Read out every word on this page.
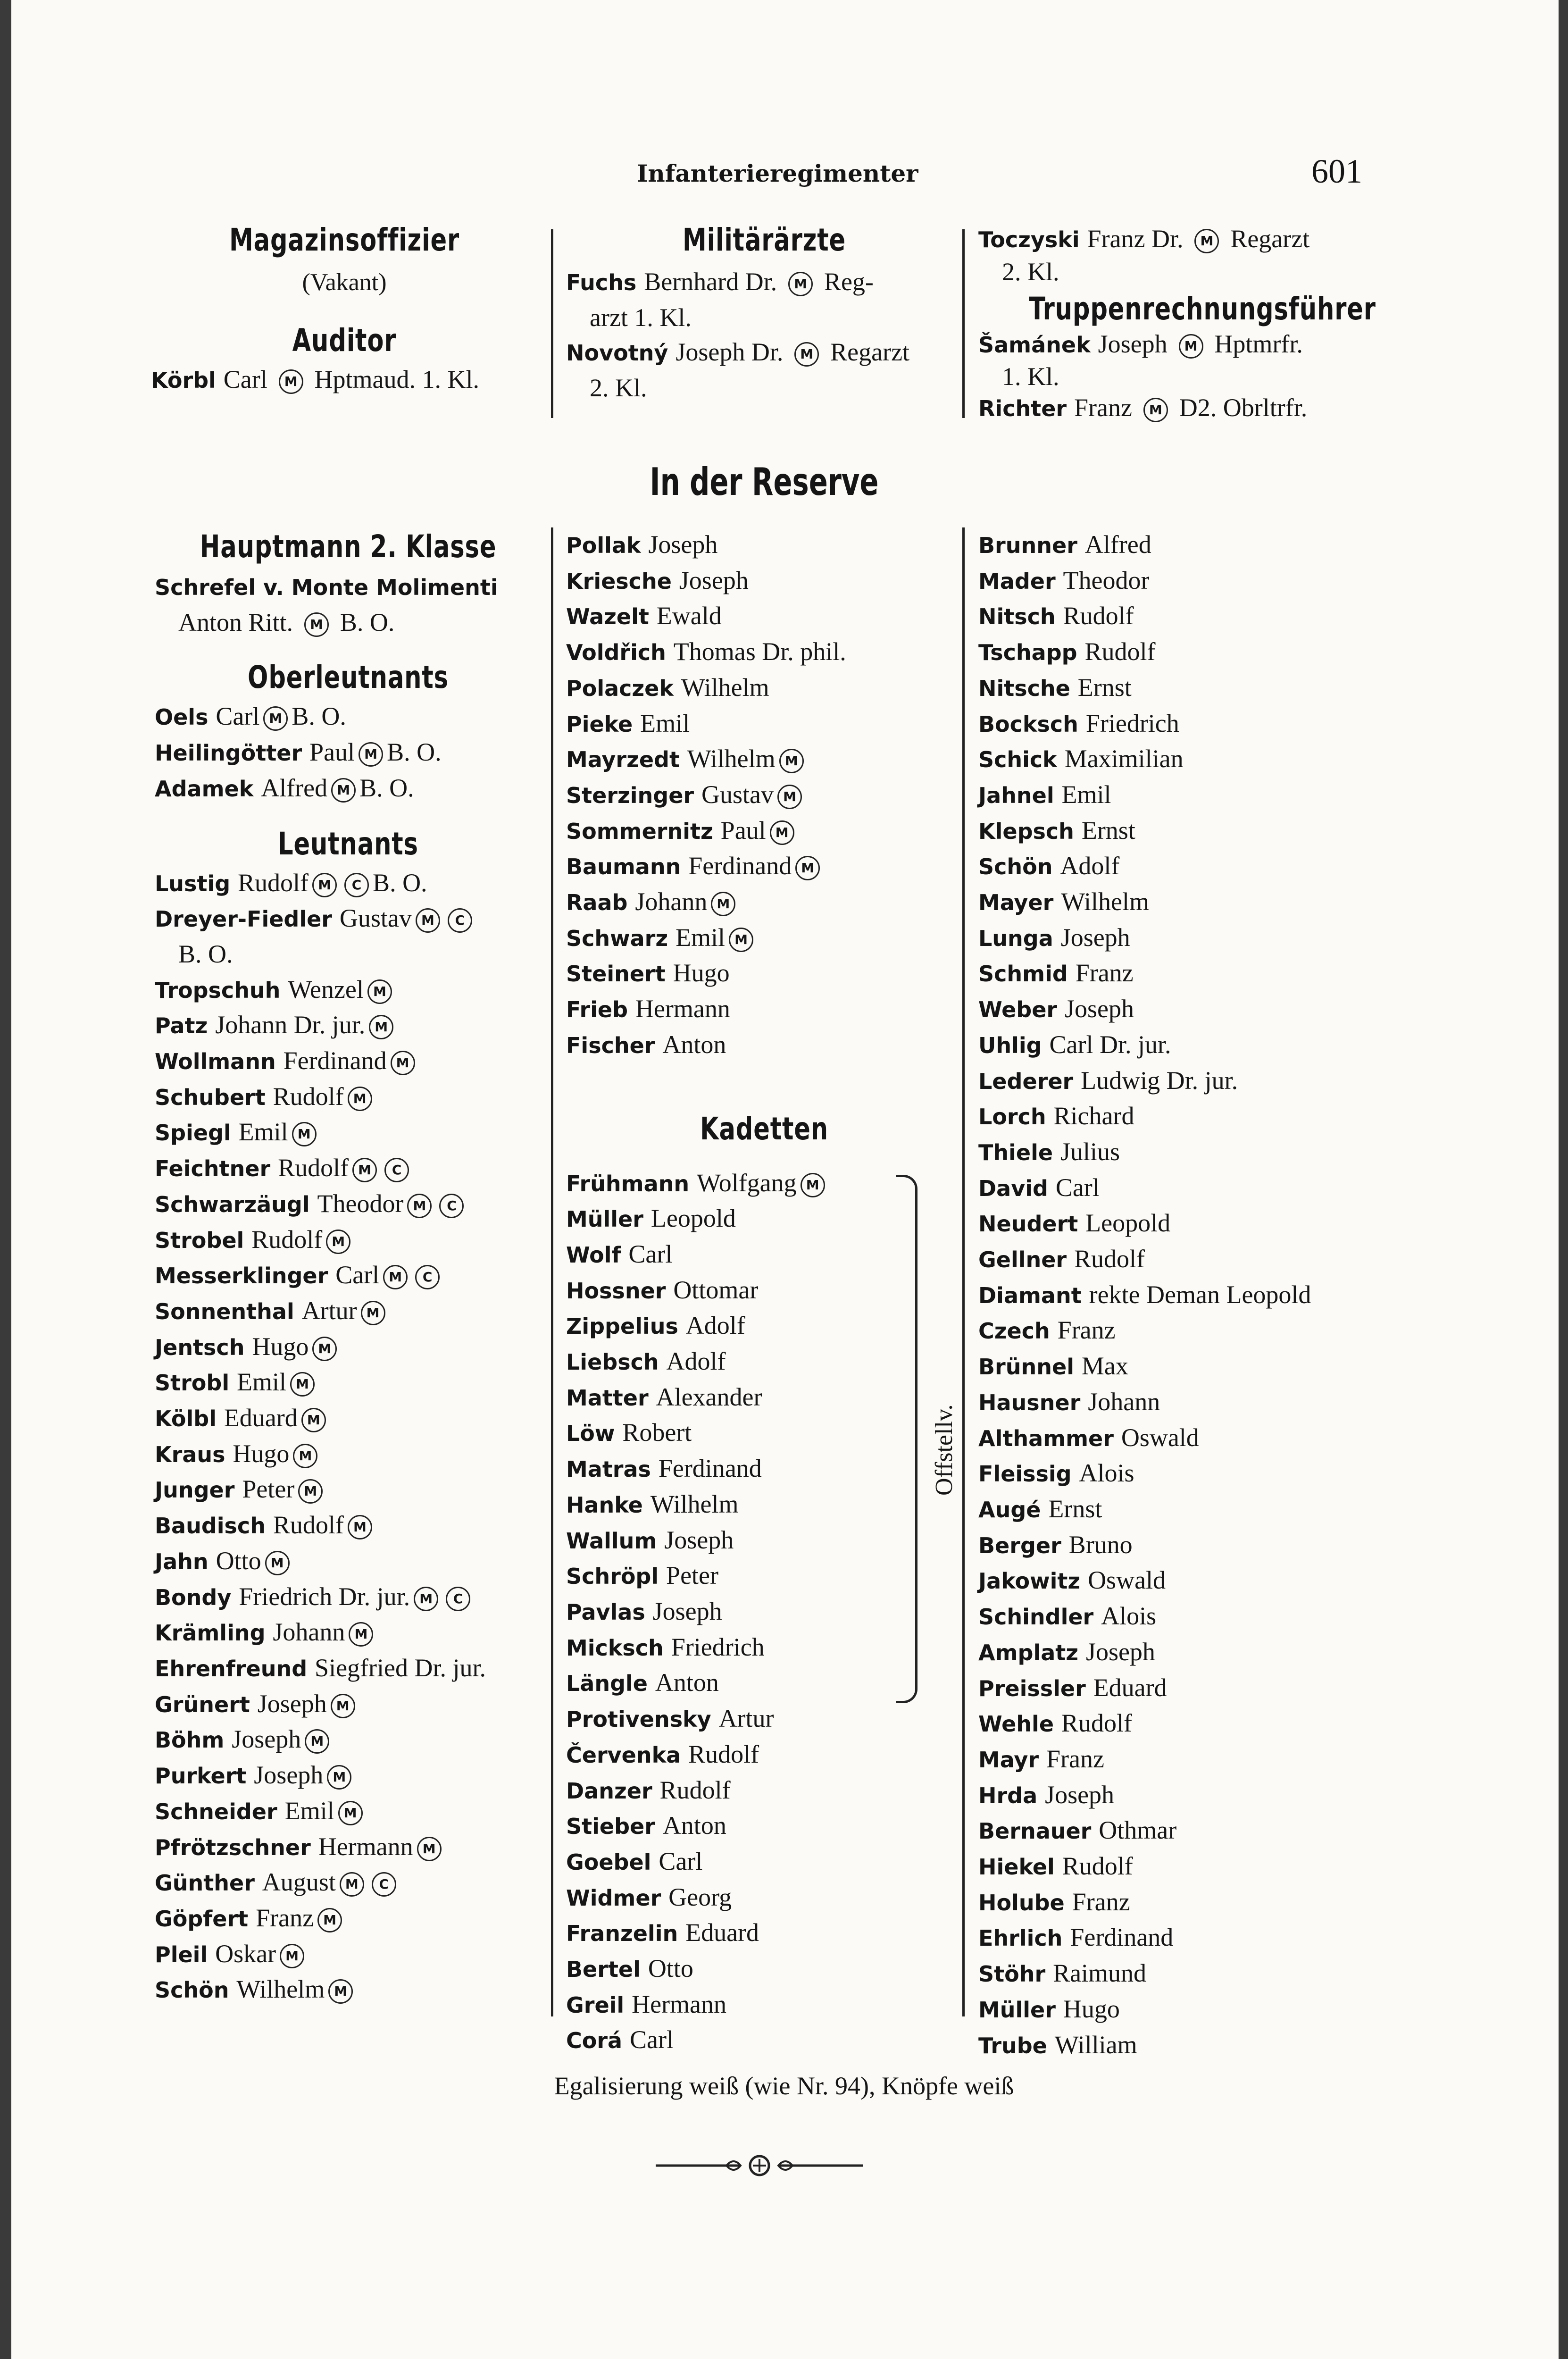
Infanterieregimenter	601
Magazinsoffizier
(Vakant)
Auditor
Körbl Carl M Hptmaud. 1. Kl.
Militärärzte
Fuchs Bernhard Dr. M Reg-
arzt 1. Kl.
Novotný Joseph Dr. M Regarzt
2. Kl.
Toczyski Franz Dr. M Regarzt
2. Kl.
Truppenrechnungsführer
Šamánek Joseph M Hptmrfr.
1. Kl.
Richter Franz M D2. Obrltrfr.
In der Reserve
Hauptmann 2. Klasse
Schrefel v. Monte Molimenti
Anton Ritt. M B. O.
Oberleutnants
Oels Carl M B. O.
Heilingötter Paul M B. O.
Adamek Alfred M B. O.
Leutnants
Lustig Rudolf M C B. O.
Dreyer-Fiedler Gustav M C
B. O.
Tropschuh Wenzel M
Patz Johann Dr. jur. M
Wollmann Ferdinand M
Schubert Rudolf M
Spiegl Emil M
Feichtner Rudolf M C
Schwarzäugl Theodor M C
Strobel Rudolf M
Messerklinger Carl M C
Sonnenthal Artur M
Jentsch Hugo M
Strobl Emil M
Kölbl Eduard M
Kraus Hugo M
Junger Peter M
Baudisch Rudolf M
Jahn Otto M
Bondy Friedrich Dr. jur. M C
Krämling Johann M
Ehrenfreund Siegfried Dr. jur.
Grünert Joseph M
Böhm Joseph M
Purkert Joseph M
Schneider Emil M
Pfrötzschner Hermann M
Günther August M C
Göpfert Franz M
Pleil Oskar M
Schön Wilhelm M
Pollak Joseph
Kriesche Joseph
Wazelt Ewald
Voldřich Thomas Dr. phil.
Polaczek Wilhelm
Pieke Emil
Mayrzedt Wilhelm M
Sterzinger Gustav M
Sommernitz Paul M
Baumann Ferdinand M
Raab Johann M
Schwarz Emil M
Steinert Hugo
Frieb Hermann
Fischer Anton
Kadetten
Frühmann Wolfgang M
Müller Leopold
Wolf Carl
Hossner Ottomar
Zippelius Adolf
Liebsch Adolf
Matter Alexander
Löw Robert
Matras Ferdinand
Hanke Wilhelm
Wallum Joseph
Schröpl Peter
Pavlas Joseph
Micksch Friedrich
Längle Anton
Protivensky Artur
Červenka Rudolf
Danzer Rudolf
Stieber Anton
Goebel Carl
Widmer Georg
Franzelin Eduard
Bertel Otto
Greil Hermann
Corá Carl
Offstellv.
Brunner Alfred
Mader Theodor
Nitsch Rudolf
Tschapp Rudolf
Nitsche Ernst
Bocksch Friedrich
Schick Maximilian
Jahnel Emil
Klepsch Ernst
Schön Adolf
Mayer Wilhelm
Lunga Joseph
Schmid Franz
Weber Joseph
Uhlig Carl Dr. jur.
Lederer Ludwig Dr. jur.
Lorch Richard
Thiele Julius
David Carl
Neudert Leopold
Gellner Rudolf
Diamant rekte Deman Leopold
Czech Franz
Brünnel Max
Hausner Johann
Althammer Oswald
Fleissig Alois
Augé Ernst
Berger Bruno
Jakowitz Oswald
Schindler Alois
Amplatz Joseph
Preissler Eduard
Wehle Rudolf
Mayr Franz
Hrda Joseph
Bernauer Othmar
Hiekel Rudolf
Holube Franz
Ehrlich Ferdinand
Stöhr Raimund
Müller Hugo
Trube William
Egalisierung weiß (wie Nr. 94), Knöpfe weiß
